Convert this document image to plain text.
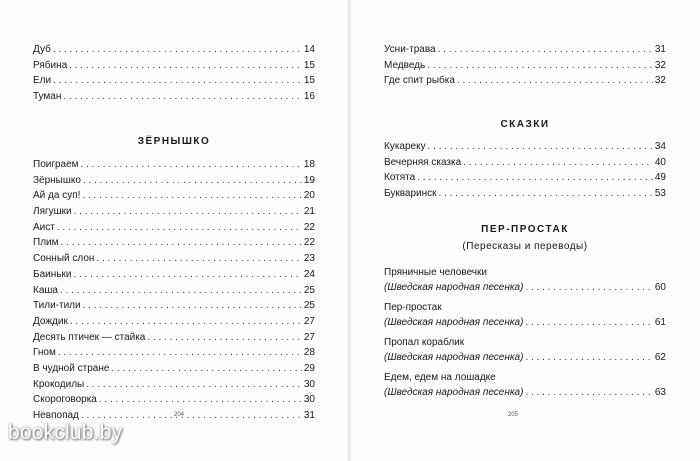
Дуб . . .	14
Рябина . . .	15
Ели . . .	15
Туман . . .	16
ЗЁРНЫШКО
Поиграем . . .	18
Зёрнышко . . .	19
Ай да суп! . . .	20
Лягушки . . .	21
Аист . . .	22
Плим . . .	22
Сонный слон . . .	23
Баиньки . . .	24
Каша . . .	25
Тили-тили . . .	25
Дождик . . .	27
Десять птичек — стайка . . .	27
Гном . . .	28
В чудной стране . . .	29
Крокодилы . . .	30
Скороговорка . . .	30
Невпопад . . .	31
204
Усни-трава . . .	31
Медведь . . .	32
Где спит рыбка . . .	32
СКАЗКИ
Кукареку . . .	34
Вечерняя сказка . . .	40
Котята . . .	49
Букваринск . . .	53
ПЕР-ПРОСТАК
(Пересказы и переводы)
Пряничные человечки
(Шведская народная песенка) . . .	60
Пер-простак
(Шведская народная песенка) . . .	61
Пропал кораблик
(Шведская народная песенка) . . .	62
Едем, едем на лошадке
(Шведская народная песенка) . . .	63
205
bookclub.by
